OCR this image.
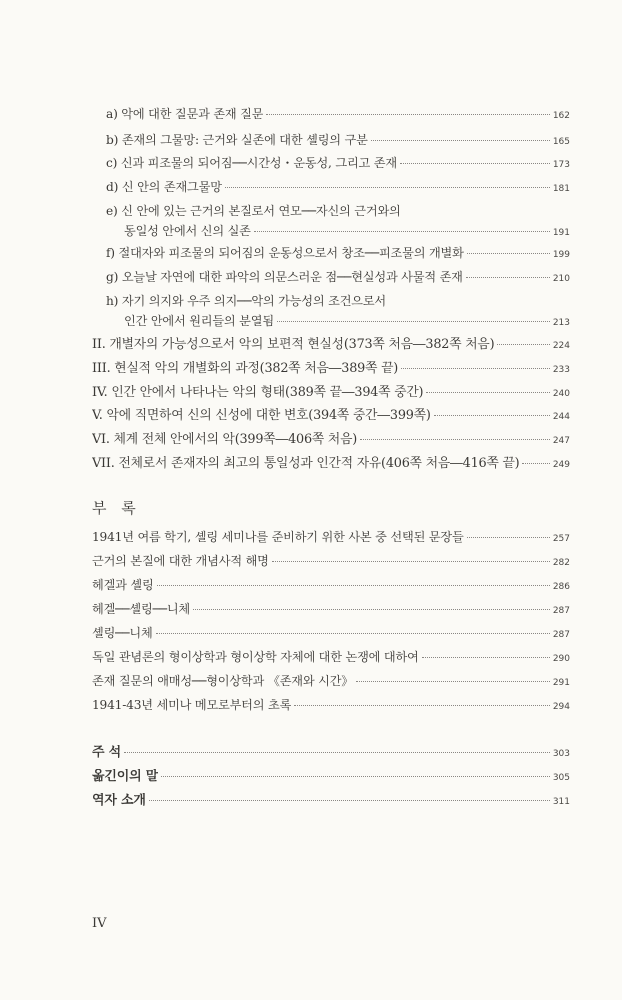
a) 악에 대한 질문과 존재 질문	162
b) 존재의 그물망: 근거와 실존에 대한 셸링의 구분	165
c) 신과 피조물의 되어짐──시간성・운동성, 그리고 존재	173
d) 신 안의 존재그물망	181
e) 신 안에 있는 근거의 본질로서 연모──자신의 근거와의
동일성 안에서 신의 실존	191
f) 절대자와 피조물의 되어짐의 운동성으로서 창조──피조물의 개별화	199
g) 오늘날 자연에 대한 파악의 의문스러운 점──현실성과 사물적 존재	210
h) 자기 의지와 우주 의지──악의 가능성의 조건으로서
인간 안에서 원리들의 분열됨	213
II. 개별자의 가능성으로서 악의 보편적 현실성(373쪽 처음―382쪽 처음)	224
III. 현실적 악의 개별화의 과정(382쪽 처음―389쪽 끝)	233
IV. 인간 안에서 나타나는 악의 형태(389쪽 끝―394쪽 중간)	240
V. 악에 직면하여 신의 신성에 대한 변호(394쪽 중간―399쪽)	244
VI. 체계 전체 안에서의 악(399쪽―406쪽 처음)	247
VII. 전체로서 존재자의 최고의 통일성과 인간적 자유(406쪽 처음―416쪽 끝)	249
부 록
1941년 여름 학기, 셸링 세미나를 준비하기 위한 사본 중 선택된 문장들	257
근거의 본질에 대한 개념사적 해명	282
헤겔과 셸링	286
헤겔──셸링──니체	287
셸링──니체	287
독일 관념론의 형이상학과 형이상학 자체에 대한 논쟁에 대하여	290
존재 질문의 애매성──형이상학과 《존재와 시간》	291
1941-43년 세미나 메모로부터의 초록	294
주 석	303
옮긴이의 말	305
역자 소개	311
IV
